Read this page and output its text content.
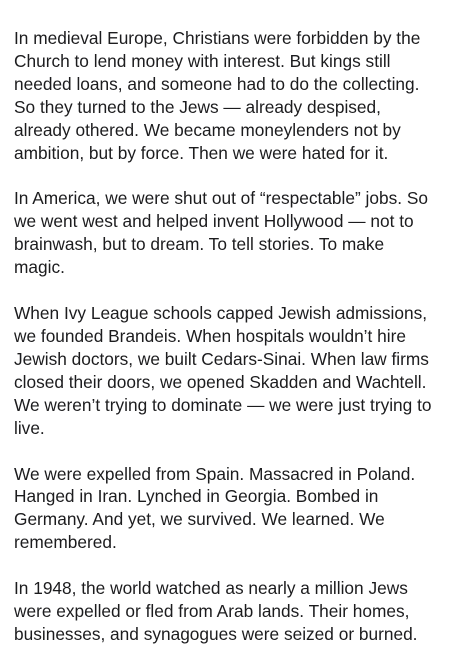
In medieval Europe, Christians were forbidden by the Church to lend money with interest. But kings still needed loans, and someone had to do the collecting. So they turned to the Jews — already despised, already othered. We became moneylenders not by ambition, but by force. Then we were hated for it.

In America, we were shut out of “respectable” jobs. So we went west and helped invent Hollywood — not to brainwash, but to dream. To tell stories. To make magic.

When Ivy League schools capped Jewish admissions, we founded Brandeis. When hospitals wouldn’t hire Jewish doctors, we built Cedars-Sinai. When law firms closed their doors, we opened Skadden and Wachtell. We weren’t trying to dominate — we were just trying to live.

We were expelled from Spain. Massacred in Poland. Hanged in Iran. Lynched in Georgia. Bombed in Germany. And yet, we survived. We learned. We remembered.

In 1948, the world watched as nearly a million Jews were expelled or fled from Arab lands. Their homes, businesses, and synagogues were seized or burned.
